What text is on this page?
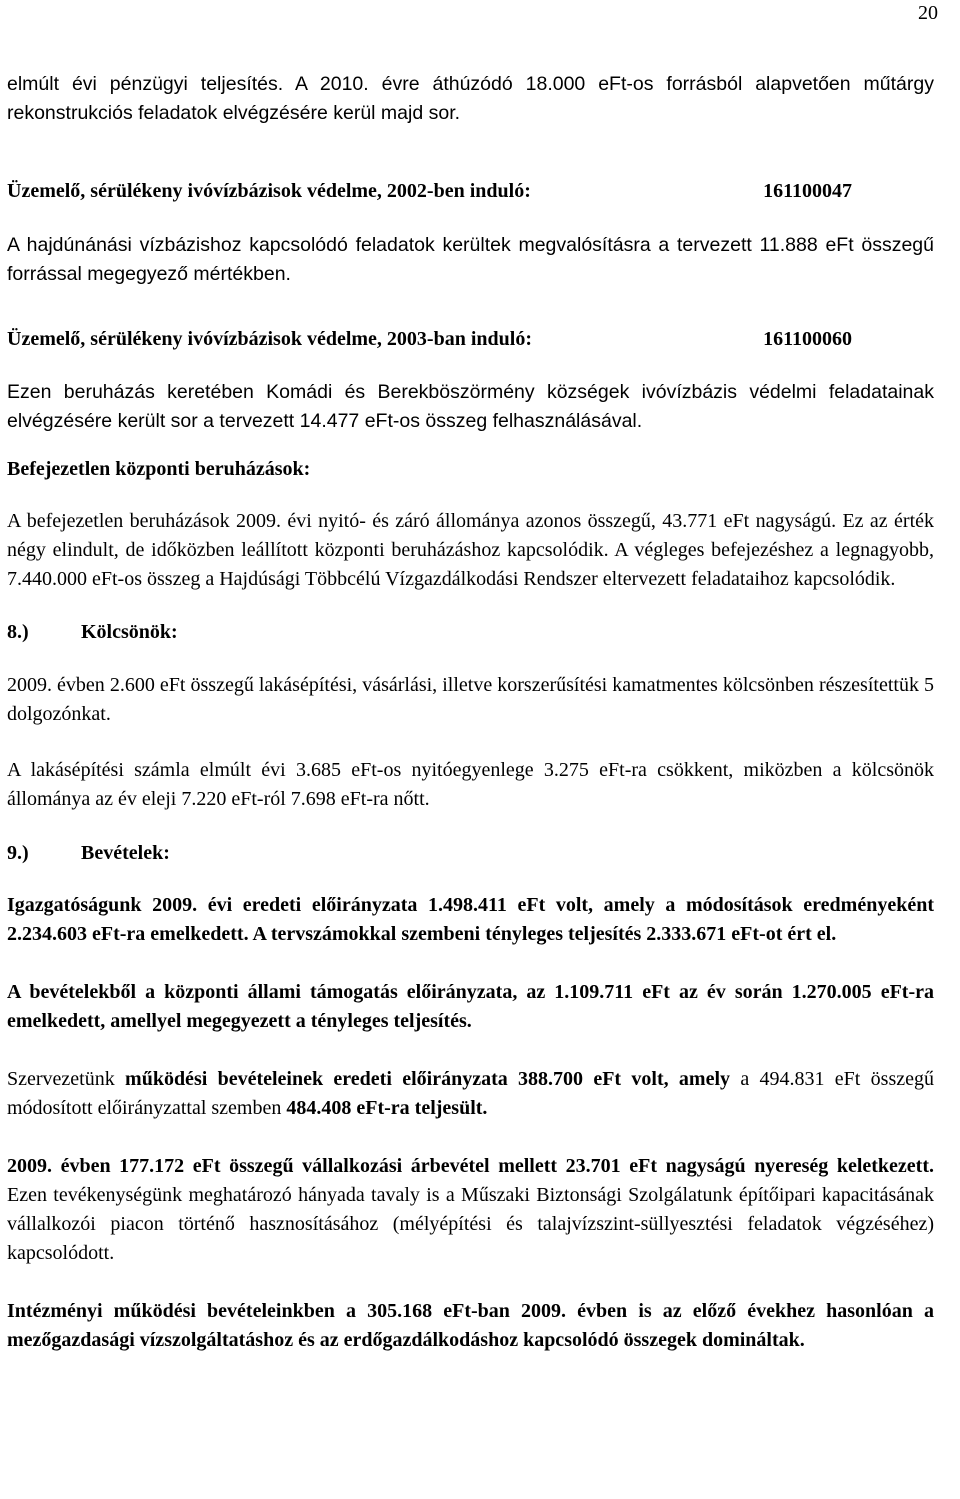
20

elmúlt évi pénzügyi teljesítés. A 2010. évre áthúzódó 18.000 eFt-os forrásból alapvetően műtárgy rekonstrukciós feladatok elvégzésére kerül majd sor.

Üzemelő, sérülékeny ivóvízbázisok védelme, 2002-ben induló:	161100047

A hajdúnánási vízbázishoz kapcsolódó feladatok kerültek megvalósításra a tervezett 11.888 eFt összegű forrással megegyező mértékben.

Üzemelő, sérülékeny ivóvízbázisok védelme, 2003-ban induló:	161100060

Ezen beruházás keretében Komádi és Berekböszörmény községek ivóvízbázis védelmi feladatainak elvégzésére került sor a tervezett 14.477 eFt-os összeg felhasználásával.

Befejezetlen központi beruházások:

A befejezetlen beruházások 2009. évi nyitó- és záró állománya azonos összegű, 43.771 eFt nagyságú. Ez az érték négy elindult, de időközben leállított központi beruházáshoz kapcsolódik. A végleges befejezéshez a legnagyobb, 7.440.000 eFt-os összeg a Hajdúsági Többcélú Vízgazdálkodási Rendszer eltervezett feladataihoz kapcsolódik.

8.)	Kölcsönök:

2009. évben 2.600 eFt összegű lakásépítési, vásárlási, illetve korszerűsítési kamatmentes kölcsönben részesítettük 5 dolgozónkat.

A lakásépítési számla elmúlt évi 3.685 eFt-os nyitóegyenlege 3.275 eFt-ra csökkent, miközben a kölcsönök állománya az év eleji 7.220 eFt-ról 7.698 eFt-ra nőtt.

9.)	Bevételek:

Igazgatóságunk 2009. évi eredeti előirányzata 1.498.411 eFt volt, amely a módosítások eredményeként 2.234.603 eFt-ra emelkedett. A tervszámokkal szembeni tényleges teljesítés 2.333.671 eFt-ot ért el.

A bevételekből a központi állami támogatás előirányzata, az 1.109.711 eFt az év során 1.270.005 eFt-ra emelkedett, amellyel megegyezett a tényleges teljesítés.

Szervezetünk működési bevételeinek eredeti előirányzata 388.700 eFt volt, amely a 494.831 eFt összegű módosított előirányzattal szemben 484.408 eFt-ra teljesült.

2009. évben 177.172 eFt összegű vállalkozási árbevétel mellett 23.701 eFt nagyságú nyereség keletkezett. Ezen tevékenységünk meghatározó hányada tavaly is a Műszaki Biztonsági Szolgálatunk építőipari kapacitásának vállalkozói piacon történő hasznosításához (mélyépítési és talajvízszint-süllyesztési feladatok végzéséhez) kapcsolódott.

Intézményi működési bevételeinkben a 305.168 eFt-ban 2009. évben is az előző évekhez hasonlóan a mezőgazdasági vízszolgáltatáshoz és az erdőgazdálkodáshoz kapcsolódó összegek domináltak.
